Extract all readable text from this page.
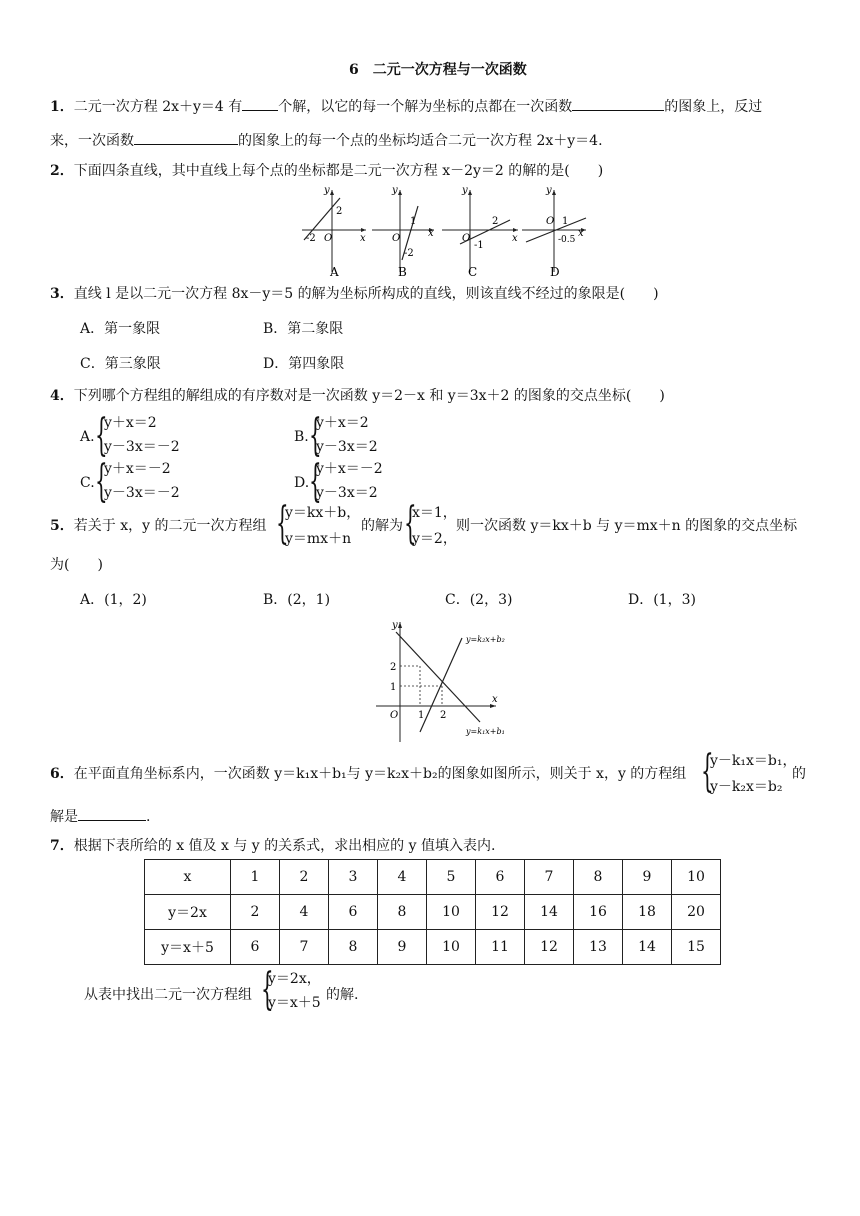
6　二元一次方程与一次函数
1．二元一次方程 2x＋y＝4 有	个解，以它的每一个解为坐标的点都在一次函数	的图象上，反过
来，一次函数	的图象上的每一个点的坐标均适合二元一次方程 2x＋y＝4.
2．下面四条直线，其中直线上每个点的坐标都是二元一次方程 x－2y＝2 的解的是(　　)
y
x
O
-2
2
A
y
x
O
1
-2
B
y
x
O
2
-1
C
y
x
O 1
-0.5
D
3．直线 l 是以二元一次方程 8x－y＝5 的解为坐标所构成的直线，则该直线不经过的象限是(　　)
A．第一象限	B．第二象限
C．第三象限	D．第四象限
4．下列哪个方程组的解组成的有序数对是一次函数 y＝2－x 和 y＝3x＋2 的图象的交点坐标(　　)
A. {
y＋x＝2
y－3x＝－2
B. {
y＋x＝2
y－3x＝2
C. {
y＋x＝－2
y－3x＝－2
D. {
y＋x＝－2
y－3x＝2
5．若关于 x，y 的二元一次方程组 {
y＝kx＋b，
y＝mx＋n
的解为 {
x＝1，
y＝2，
则一次函数 y＝kx＋b 与 y＝mx＋n 的图象的交点坐标
为(　　)
A．(1，2)	B．(2，1)	C．(2，3)	D．(1，3)
y
x
O
2
1
1 2
y=k₂x+b₂
y=k₁x+b₁
6．在平面直角坐标系内，一次函数 y＝k₁x＋b₁与 y＝k₂x＋b₂的图象如图所示，则关于 x，y 的方程组 {
y－k₁x＝b₁，
y－k₂x＝b₂
的
解是	.
7．根据下表所给的 x 值及 x 与 y 的关系式，求出相应的 y 值填入表内.
x	1	2	3	4	5	6	7	8	9	10
y＝2x	2	4	6	8	10	12	14	16	18	20
y＝x＋5	6	7	8	9	10	11	12	13	14	15
从表中找出二元一次方程组 {
y＝2x，
y＝x＋5 的解.
